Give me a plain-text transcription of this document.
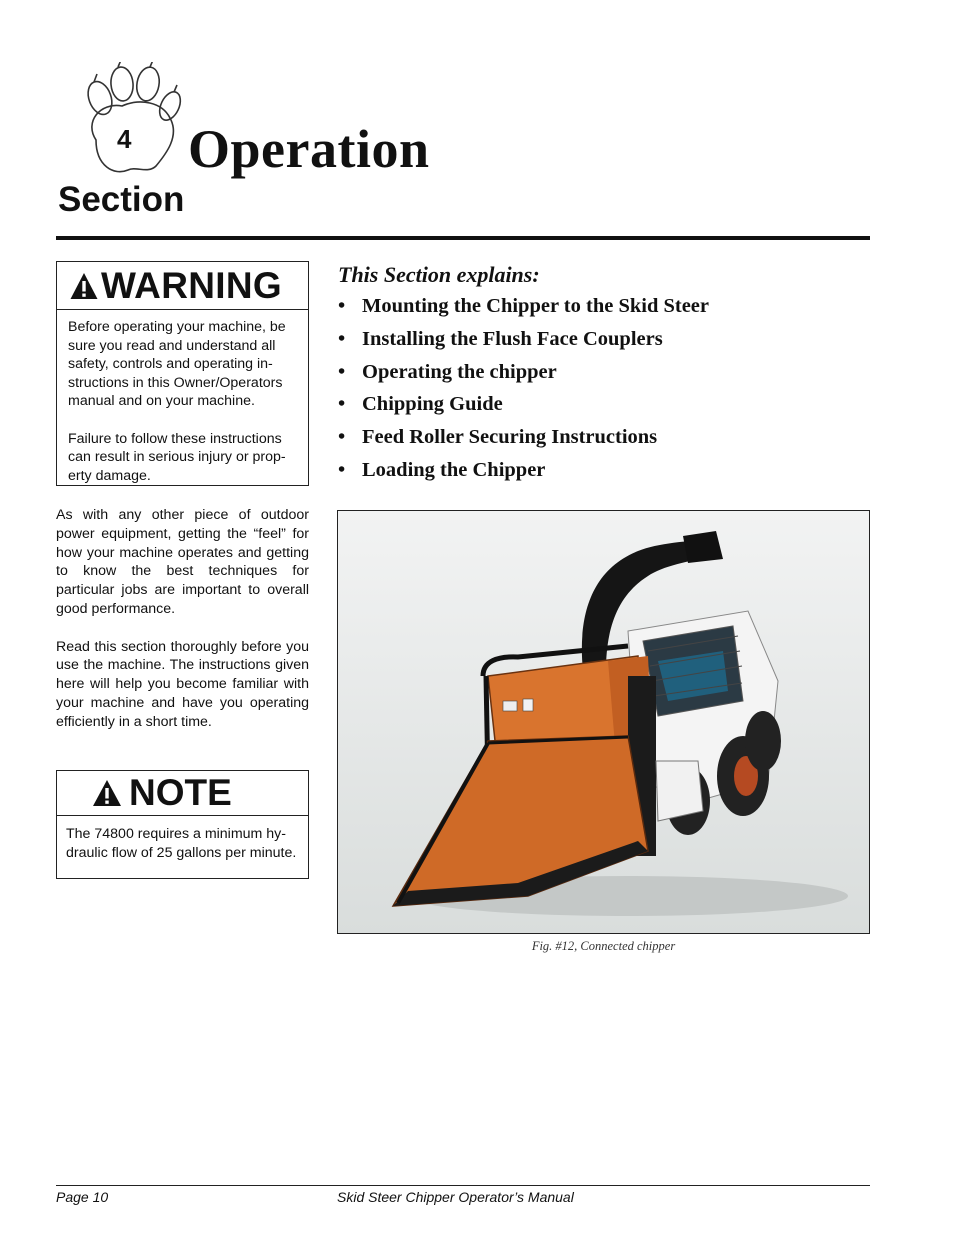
4 Operation
Section
WARNING

Before operating your machine, be sure you read and understand all safety, controls and operating in-structions in this Owner/Operators manual and on your machine.

Failure to follow these instructions can result in serious injury or prop-erty damage.

As with any other piece of outdoor power equipment, getting the “feel” for how your machine operates and getting to know the best techniques for particular jobs are important to overall good performance.

Read this section thoroughly before you use the machine. The instructions given here will help you become familiar with your machine and have you operating efficiently in a short time.

NOTE
The 74800 requires a minimum hy-draulic flow of 25 gallons per minute.
This Section explains:
• Mounting the Chipper to the Skid Steer
• Installing the Flush Face Couplers
• Operating the chipper
• Chipping Guide
• Feed Roller Securing Instructions
• Loading the Chipper
Fig. #12, Connected chipper
Page 10	Skid Steer Chipper Operator’s Manual
